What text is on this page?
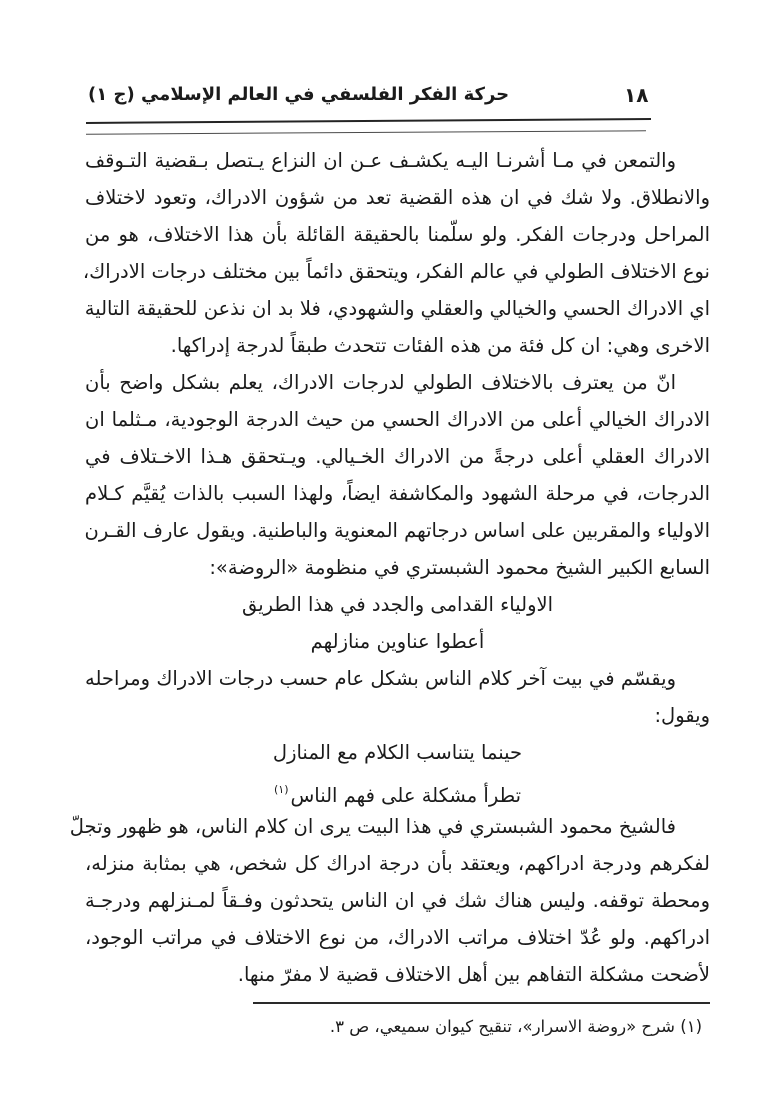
حركة الفكر الفلسفي في العالم الإسلامي (ج ١)	١٨
والتمعن في مـا أشرنـا اليـه يكشـف عـن ان النزاع يـتصل بـقضية التـوقف
والانطلاق. ولا شك في ان هذه القضية تعد من شؤون الادراك، وتعود لاختلاف
المراحل ودرجات الفكر. ولو سلّمنا بالحقيقة القائلة بأن هذا الاختلاف، هو من
نوع الاختلاف الطولي في عالم الفكر، ويتحقق دائماً بين مختلف درجات الادراك،
اي الادراك الحسي والخيالي والعقلي والشهودي، فلا بد ان نذعن للحقيقة التالية
الاخرى وهي: ان كل فئة من هذه الفئات تتحدث طبقاً لدرجة إدراكها.
انّ من يعترف بالاختلاف الطولي لدرجات الادراك، يعلم بشكل واضح بأن
الادراك الخيالي أعلى من الادراك الحسي من حيث الدرجة الوجودية، مـثلما ان
الادراك العقلي أعلى درجةً من الادراك الخـيالي. ويـتحقق هـذا الاخـتلاف في
الدرجات، في مرحلة الشهود والمكاشفة ايضاً، ولهذا السبب بالذات يُقيَّم كـلام
الاولياء والمقربين على اساس درجاتهم المعنوية والباطنية. ويقول عارف القـرن
السابع الكبير الشيخ محمود الشبستري في منظومة «الروضة»:
الاولياء القدامى والجدد في هذا الطريق
أعطوا عناوين منازلهم
ويقسّم في بيت آخر كلام الناس بشكل عام حسب درجات الادراك ومراحله
ويقول:
حينما يتناسب الكلام مع المنازل
تطرأ مشكلة على فهم الناس$^{(١)}$
فالشيخ محمود الشبستري في هذا البيت يرى ان كلام الناس، هو ظهور وتجلّ
لفكرهم ودرجة ادراكهم، ويعتقد بأن درجة ادراك كل شخص، هي بمثابة منزله،
ومحطة توقفه. وليس هناك شك في ان الناس يتحدثون وفـقاً لمـنزلهم ودرجـة
ادراكهم. ولو عُدّ اختلاف مراتب الادراك، من نوع الاختلاف في مراتب الوجود،
لأضحت مشكلة التفاهم بين أهل الاختلاف قضية لا مفرّ منها.
(١) شرح «روضة الاسرار»، تنقيح كيوان سميعي، ص ٣.
